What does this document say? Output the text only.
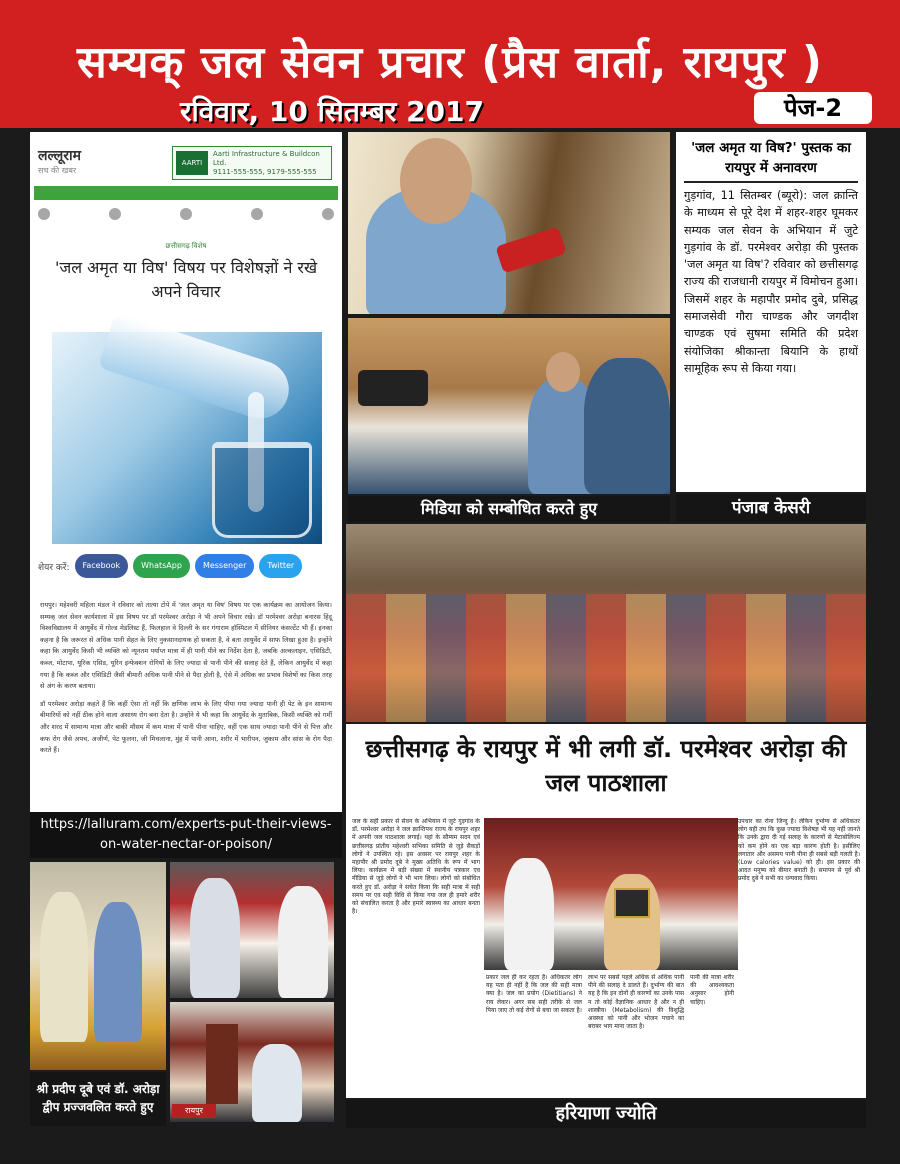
सम्यक् जल सेवन प्रचार (प्रैस वार्ता, रायपुर )
रविवार, 10 सितम्बर 2017	पेज-2
लल्लूराम
सच की खबर
AARTI
Aarti Infrastructure & Buildcon Ltd.
9111-555-555, 9179-555-555
छत्तीसगढ़ विशेष
'जल अमृत या विष' विषय पर विशेषज्ञों ने रखे अपने विचार
शेयर करें:	Facebook	WhatsApp	Messenger	Twitter

रायपुर। महेश्वरी महिला मंडल ने रविवार को तात्या टोपे में 'जल अमृत या विष' विषय पर एक कार्यक्रम का आयोजन किया। सम्यक् जल सेवन कार्यशाला में इस विषय पर डॉ परमेश्वर अरोड़ा ने भी अपने विचार रखे। डॉ परमेश्वर अरोड़ा बनारस हिंदू विश्वविद्यालय में आयुर्वेद में गोल्ड मेडलिस्ट हैं, फिलहाल वे दिल्ली के सर गंगाराम हॉस्पिटल में सीनियर कंसल्टेंट भी हैं। इनका कहना है कि जरूरत से अधिक पानी सेहत के लिए नुकसानदायक हो सकता है, वे बता आयुर्वेद में साफ लिखा हुआ है। इन्होंने कहा कि आयुर्वेद किसी भी व्यक्ति को न्यूनतम पर्याप्त मात्रा में ही पानी पीने का निर्देश देता है, जबकि अल्कलाइन, एसिडिटी, कब्ज, मोटापा, यूरिक एसिड, यूरिन इन्फेक्शन रोगियों के लिए ज्यादा से पानी पीने की सलाह देते हैं, लेकिन आयुर्वेद में कहा गया है कि कब्ज और एसिडिटी जैसी बीमारी अधिक पानी पीने से पैदा होती है, ऐसे में अधिक का प्रभाव विशेषों का किस तरह से अंग के करण बताया।

डॉ परमेश्वर अरोड़ा कहते हैं कि कहीं ऐसा तो नहीं कि क्षणिक लाभ के लिए पीया गया ज्यादा पानी ही पेट के इन सामान्य बीमारियों को नहीं ठीक होने वाला असाध्य रोग बना देता है। उन्होंने ये भी कहा कि आयुर्वेद के मुताबिक, किसी व्यक्ति को गर्मी और शरद में सामान्य मात्रा और बाकी मौसम में कम मात्रा में पानी पीना चाहिए, वहीं एक साथ ज्यादा पानी पीने से पित्त और कफ रोग जैसे अपच, अजीर्ण, पेट फूलना, जी मिचलाना, मुंह में पानी आना, शरीर में भारीपन, जुकाम और सांस के रोग पैदा करते हैं।

https://lalluram.com/experts-put-their-views-on-water-nectar-or-poison/
मिडिया को सम्बोधित करते हुए
'जल अमृत या विष?' पुस्तक का रायपुर में अनावरण
गुड़गांव, 11 सितम्बर (ब्यूरो): जल क्रान्ति के माध्यम से पूरे देश में शहर-शहर घूमकर सम्यक जल सेवन के अभियान में जुटे गुड़गांव के डॉ. परमेश्वर अरोड़ा की पुस्तक 'जल अमृत या विष'? रविवार को छत्तीसगढ़ राज्य की राजधानी रायपुर में विमोचन हुआ। जिसमें शहर के महापौर प्रमोद दुबे, प्रसिद्ध समाजसेवी गौरा चाण्डक और जगदीश चाण्डक एवं सुषमा समिति की प्रदेश संयोजिका श्रीकान्ता बियानि के हाथों सामूहिक रूप से किया गया।
पंजाब केसरी
छत्तीसगढ़ के रायपुर में भी लगी डॉ. परमेश्वर अरोड़ा की जल पाठशाला
जल के सही प्रकार से सेवन के अभियान में जुटे गुड़गांव के डॉ. परमेश्वर अरोड़ा ने जल क्रान्तिपथ राज्य के रायपुर शहर में अपनी जल पाठशाला लगाई। यहां के सौम्यम सदन एवं छत्तीसगढ़ प्रांतीय महेश्वरी सभिका समिति से जुड़े सैकड़ों लोगों ने उपस्थित रहे। इस अवसर पर रायपुर शहर के महापौर श्री प्रमोद दूबे ने मुख्य अतिथि के रूप में भाग लिया। कार्यक्रम में बड़ी संख्या में स्थानीय पत्रकार एव मीडिया से जुड़े लोगों ने भी भाग लिया। लोगों को संबोधित करते हुए डॉ. अरोड़ा ने सचेत किया कि सही मात्रा में सही समय पर एव सही विधि से किया गया जल ही हमारे शरीर को संचालित करता है और हमारे स्वास्थ्य का आधार बनता है।
प्रकार जल ही कर रहता है। अधिकतर लोग यह पता ही नहीं हैं कि जल की सही मात्रा क्या है। जल का प्रयोग (Dietitians) ने राय लेकर। अगर सब सही तरीके से जल पिया जाए तो कई रोगों से बचा जा सकता है।
लाभ पर सबसे पहले अधिक से अधिक पानी पीने की सलाह दे डालते हैं। दुर्भाग्य की बात यह है कि इन दोनों ही कारणों का उनके पास न तो कोई वैज्ञानिक आधार है और न ही शास्त्रीय। (Metabolism) की विशुद्धि अवस्था को पानी और भोजन पचाने का बराबर भाग माना जाता है।
पानी की मात्रा शरीर की आवश्यकता अनुसार होनी चाहिए।
उपचार का रोना जिन्दु है। लेकिन दुर्भाग्य से अधिकतर लोग यही तय कि कुछ ज्यादा विशेषज्ञ भी यह नहीं जानते कि उनके द्वारा दी गई सलाह के कारणों से मेटाबोलिज्म को कम होने का एक बड़ा कारण होती है। इसीलिए लगातार और असमय पानी पीना ही सबसे बड़ी गलती है। (Low calories value) को ही। इस प्रकार की आदत मनुष्य को बीमार बनाती है। समापन से पूर्व श्री प्रमोद दुबे ने सभी का धन्यवाद किया।
हरियाणा ज्योति
श्री प्रदीप दूबे एवं डॉ. अरोड़ा द्वीप प्रज्जवलित करते हुए	रायपुर
